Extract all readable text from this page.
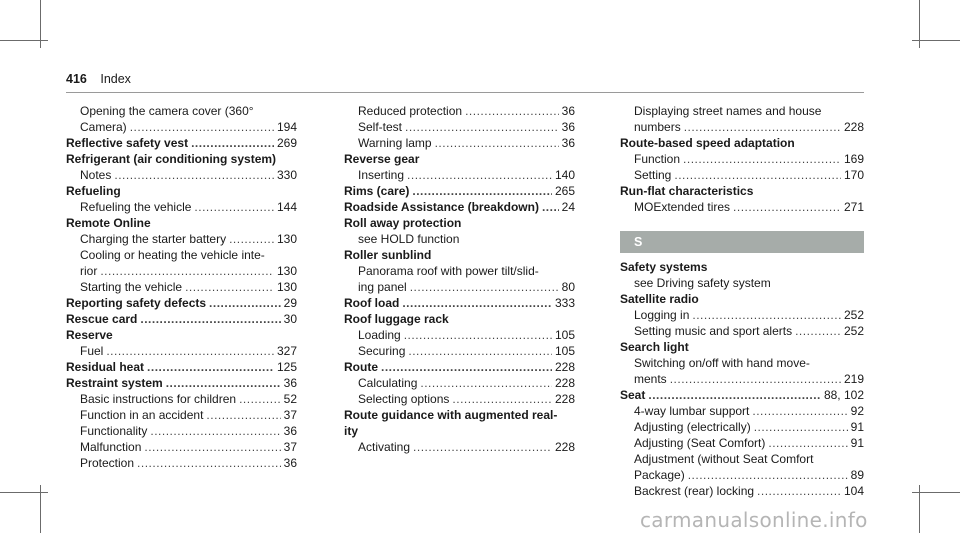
416 Index
Opening the camera cover (360°
Camera) .....	194
Reflective safety vest .....	269
Refrigerant (air conditioning system)
Notes .....	330
Refueling
Refueling the vehicle .....	144
Remote Online
Charging the starter battery .....	130
Cooling or heating the vehicle inte-
rior .....	130
Starting the vehicle .....	130
Reporting safety defects .....	29
Rescue card .....	30
Reserve
Fuel .....	327
Residual heat .....	125
Restraint system .....	36
Basic instructions for children .....	52
Function in an accident .....	37
Functionality .....	36
Malfunction .....	37
Protection .....	36
Reduced protection .....	36
Self-test .....	36
Warning lamp .....	36
Reverse gear
Inserting .....	140
Rims (care) .....	265
Roadside Assistance (breakdown) ..... 24
Roll away protection
see HOLD function
Roller sunblind
Panorama roof with power tilt/slid-
ing panel .....	80
Roof load .....	333
Roof luggage rack
Loading .....	105
Securing .....	105
Route .....	228
Calculating .....	228
Selecting options .....	228
Route guidance with augmented real-
ity
Activating .....	228
Displaying street names and house
numbers .....	228
Route-based speed adaptation
Function .....	169
Setting .....	170
Run-flat characteristics
MOExtended tires .....	271
S
Safety systems
see Driving safety system
Satellite radio
Logging in .....	252
Setting music and sport alerts .....	252
Search light
Switching on/off with hand move-
ments .....	219
Seat .....	88, 102
4-way lumbar support .....	92
Adjusting (electrically) .....	91
Adjusting (Seat Comfort) .....	91
Adjustment (without Seat Comfort
Package) .....	89
Backrest (rear) locking .....	104
carmanualsonline.info
